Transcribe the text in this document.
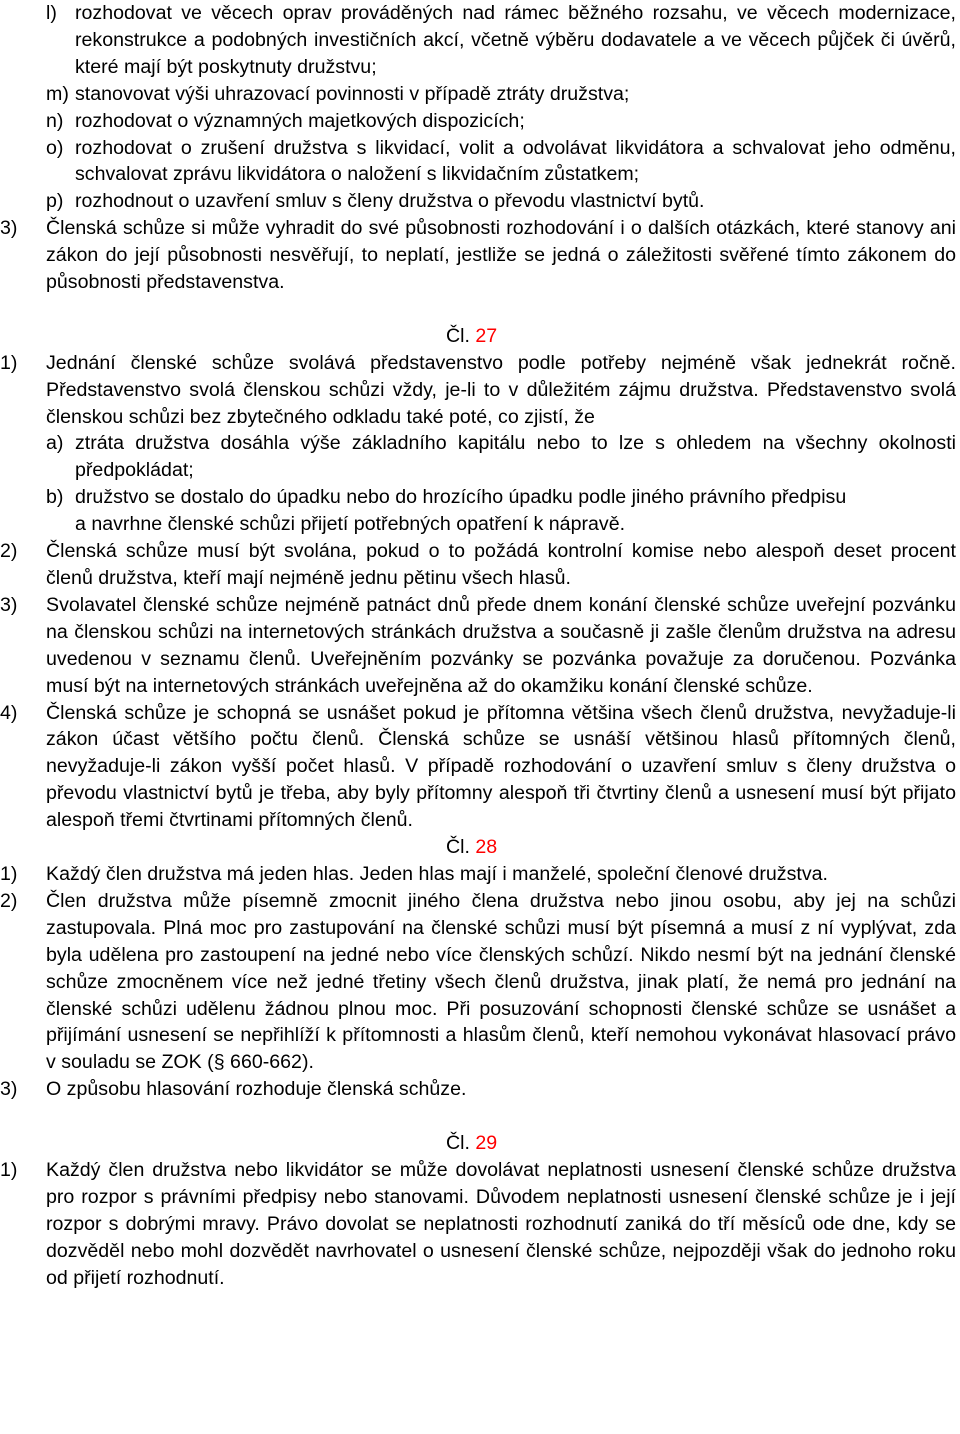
l) rozhodovat ve věcech oprav prováděných nad rámec běžného rozsahu, ve věcech modernizace, rekonstrukce a podobných investičních akcí, včetně výběru dodavatele a ve věcech půjček či úvěrů, které mají být poskytnuty družstvu;
m) stanovovat výši uhrazovací povinnosti v případě ztráty družstva;
n) rozhodovat o významných majetkových dispozicích;
o) rozhodovat o zrušení družstva s likvidací, volit a odvolávat likvidátora a schvalovat jeho odměnu, schvalovat zprávu likvidátora o naložení s likvidačním zůstatkem;
p) rozhodnout o uzavření smluv s členy družstva o převodu vlastnictví bytů.
3) Členská schůze si může vyhradit do své působnosti rozhodování i o dalších otázkách, které stanovy ani zákon do její působnosti nesvěřují, to neplatí, jestliže se jedná o záležitosti svěřené tímto zákonem do působnosti představenstva.
Čl. 27
1) Jednání členské schůze svolává představenstvo podle potřeby nejméně však jednekrát ročně. Představenstvo svolá členskou schůzi vždy, je-li to v důležitém zájmu družstva. Představenstvo svolá členskou schůzi bez zbytečného odkladu také poté, co zjistí, že
a) ztráta družstva dosáhla výše základního kapitálu nebo to lze s ohledem na všechny okolnosti předpokládat;
b) družstvo se dostalo do úpadku nebo do hrozícího úpadku podle jiného právního předpisu
a navrhne členské schůzi přijetí potřebných opatření k nápravě.
2) Členská schůze musí být svolána, pokud o to požádá kontrolní komise nebo alespoň deset procent členů družstva, kteří mají nejméně jednu pětinu všech hlasů.
3) Svolavatel členské schůze nejméně patnáct dnů přede dnem konání členské schůze uveřejní pozvánku na členskou schůzi na internetových stránkách družstva a současně ji zašle členům družstva na adresu uvedenou v seznamu členů. Uveřejněním pozvánky se pozvánka považuje za doručenou. Pozvánka musí být na internetových stránkách uveřejněna až do okamžiku konání členské schůze.
4) Členská schůze je schopná se usnášet pokud je přítomna většina všech členů družstva, nevyžaduje-li zákon účast většího počtu členů. Členská schůze se usnáší většinou hlasů přítomných členů, nevyžaduje-li zákon vyšší počet hlasů. V případě rozhodování o uzavření smluv s členy družstva o převodu vlastnictví bytů je třeba, aby byly přítomny alespoň tři čtvrtiny členů a usnesení musí být přijato alespoň třemi čtvrtinami přítomných členů.
Čl. 28
1) Každý člen družstva má jeden hlas. Jeden hlas mají i manželé, společní členové družstva.
2) Člen družstva může písemně zmocnit jiného člena družstva nebo jinou osobu, aby jej na schůzi zastupovala. Plná moc pro zastupování na členské schůzi musí být písemná a musí z ní vyplývat, zda byla udělena pro zastoupení na jedné nebo více členských schůzí. Nikdo nesmí být na jednání členské schůze zmocněnem více než jedné třetiny všech členů družstva, jinak platí, že nemá pro jednání na členské schůzi udělenu žádnou plnou moc. Při posuzování schopnosti členské schůze se usnášet a přijímání usnesení se nepřihlíží k přítomnosti a hlasům členů, kteří nemohou vykonávat hlasovací právo v souladu se ZOK (§ 660-662).
3) O způsobu hlasování rozhoduje členská schůze.
Čl. 29
1) Každý člen družstva nebo likvidátor se může dovolávat neplatnosti usnesení členské schůze družstva pro rozpor s právními předpisy nebo stanovami. Důvodem neplatnosti usnesení členské schůze je i její rozpor s dobrými mravy. Právo dovolat se neplatnosti rozhodnutí zaniká do tří měsíců ode dne, kdy se dozvěděl nebo mohl dozvědět navrhovatel o usnesení členské schůze, nejpozději však do jednoho roku od přijetí rozhodnutí.
